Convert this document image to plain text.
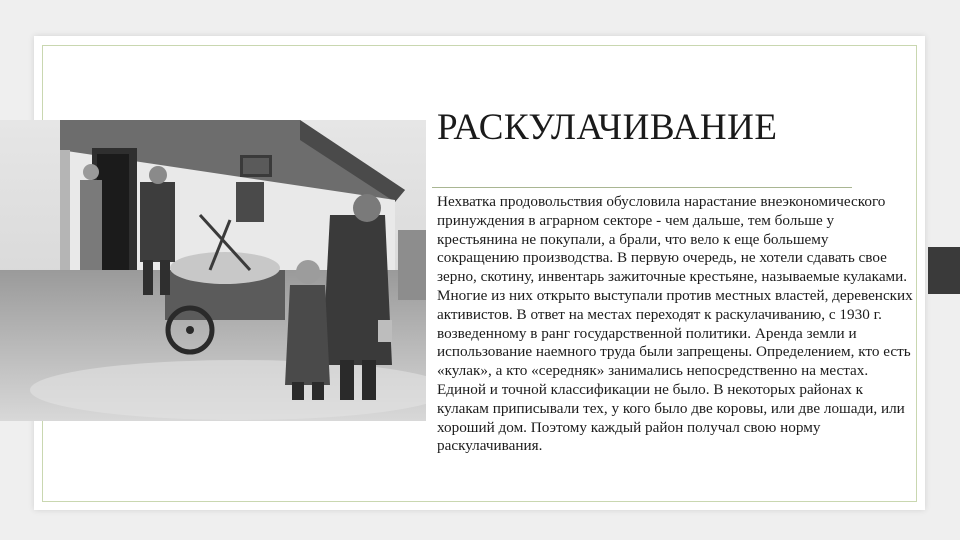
РАСКУЛАЧИВАНИЕ

Нехватка продовольствия обусловила нарастание внеэкономического принуждения в аграрном секторе - чем дальше, тем больше у крестьянина не покупали, а брали, что вело к еще большему сокращению производства. В первую очередь, не хотели сдавать свое зерно, скотину, инвентарь зажиточные крестьяне, называемые кулаками. Многие из них открыто выступали против местных властей, деревенских активистов. В ответ на местах переходят к раскулачиванию, с 1930 г. возведенному в ранг государственной политики. Аренда земли и использование наемного труда были запрещены. Определением, кто есть «кулак», а кто «середняк» занимались непосредственно на местах. Единой и точной классификации не было. В некоторых районах к кулакам приписывали тех, у кого было две коровы, или две лошади, или хороший дом. Поэтому каждый район получал свою норму раскулачивания.
